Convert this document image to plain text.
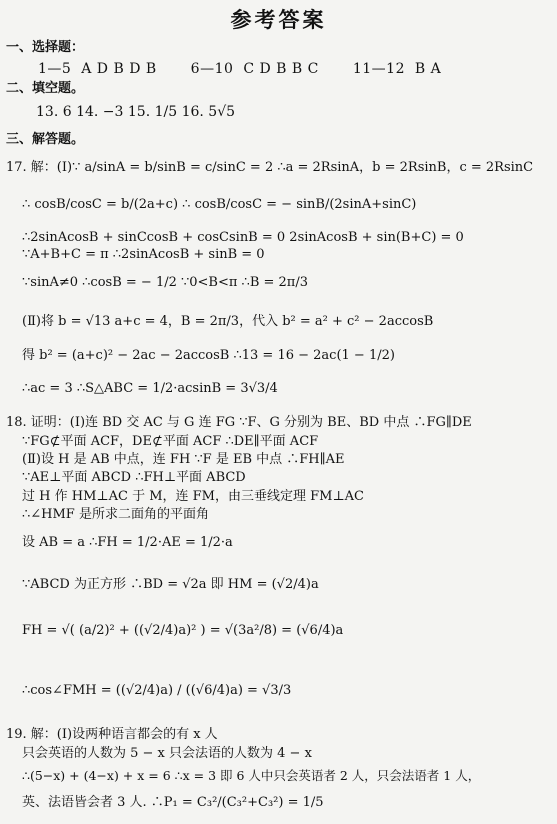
参考答案
一、选择题：
1—5 A D B D B 6—10 C D B B C 11—12 B A
二、填空题。
13. 6 14. −3 15. 1/5 16. 5√5
三、解答题。
17. 解：(Ⅰ)∵ a/sinA = b/sinB = c/sinC = 2 ∴a = 2RsinA，b = 2RsinB，c = 2RsinC
∴ cosB/cosC = b/(2a+c) ∴ cosB/cosC = − sinB/(2sinA+sinC)
∴2sinAcosB + sinCcosB + cosCsinB = 0 2sinAcosB + sin(B+C) = 0
∵A+B+C = π ∴2sinAcosB + sinB = 0
∵sinA≠0 ∴cosB = − 1/2 ∵0<B<π ∴B = 2π/3
(Ⅱ)将 b = √13 a+c = 4，B = 2π/3，代入 b² = a² + c² − 2accosB
得 b² = (a+c)² − 2ac − 2accosB ∴13 = 16 − 2ac(1 − 1/2)
∴ac = 3 ∴S△ABC = 1/2·acsinB = 3√3/4
18. 证明：(Ⅰ)连 BD 交 AC 与 G 连 FG ∵F、G 分别为 BE、BD 中点 ∴FG∥DE
∵FG⊄平面 ACF，DE⊄平面 ACF ∴DE∥平面 ACF
(Ⅱ)设 H 是 AB 中点，连 FH ∵F 是 EB 中点 ∴FH∥AE
∵AE⊥平面 ABCD ∴FH⊥平面 ABCD
过 H 作 HM⊥AC 于 M，连 FM，由三垂线定理 FM⊥AC
∴∠HMF 是所求二面角的平面角
设 AB = a ∴FH = 1/2·AE = 1/2·a
∵ABCD 为正方形 ∴BD = √2a 即 HM = (√2/4)a
FH = √( (a/2)² + ((√2/4)a)² ) = √(3a²/8) = (√6/4)a
∴cos∠FMH = ((√2/4)a) / ((√6/4)a) = √3/3
19. 解：(Ⅰ)设两种语言都会的有 x 人
只会英语的人数为 5 − x 只会法语的人数为 4 − x
∴(5−x) + (4−x) + x = 6 ∴x = 3 即 6 人中只会英语者 2 人，只会法语者 1 人，
英、法语皆会者 3 人. ∴P₁ = C₃²/(C₃²+C₃²) = 1/5
